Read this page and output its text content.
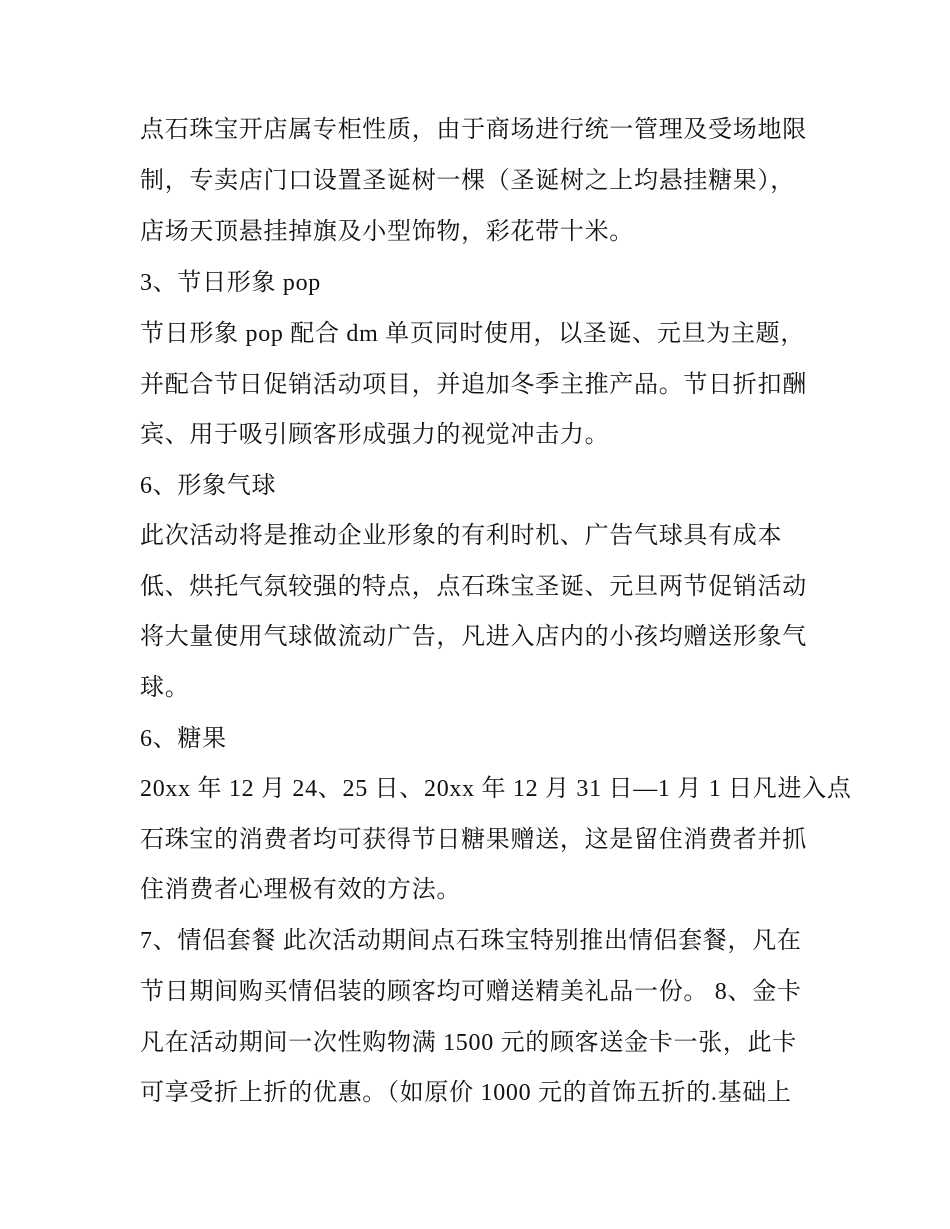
点石珠宝开店属专柜性质，由于商场进行统一管理及受场地限
制，专卖店门口设置圣诞树一棵（圣诞树之上均悬挂糖果），
店场天顶悬挂掉旗及小型饰物，彩花带十米。
3、节日形象 pop
节日形象 pop 配合 dm 单页同时使用，以圣诞、元旦为主题，
并配合节日促销活动项目，并追加冬季主推产品。节日折扣酬
宾、用于吸引顾客形成强力的视觉冲击力。
6、形象气球
此次活动将是推动企业形象的有利时机、广告气球具有成本
低、烘托气氛较强的特点，点石珠宝圣诞、元旦两节促销活动
将大量使用气球做流动广告，凡进入店内的小孩均赠送形象气
球。
6、糖果
20xx 年 12 月 24、25 日、20xx 年 12 月 31 日—1 月 1 日凡进入点
石珠宝的消费者均可获得节日糖果赠送，这是留住消费者并抓
住消费者心理极有效的方法。
7、情侣套餐 此次活动期间点石珠宝特别推出情侣套餐，凡在
节日期间购买情侣装的顾客均可赠送精美礼品一份。 8、金卡
凡在活动期间一次性购物满 1500 元的顾客送金卡一张，此卡
可享受折上折的优惠。（如原价 1000 元的首饰五折的.基础上
